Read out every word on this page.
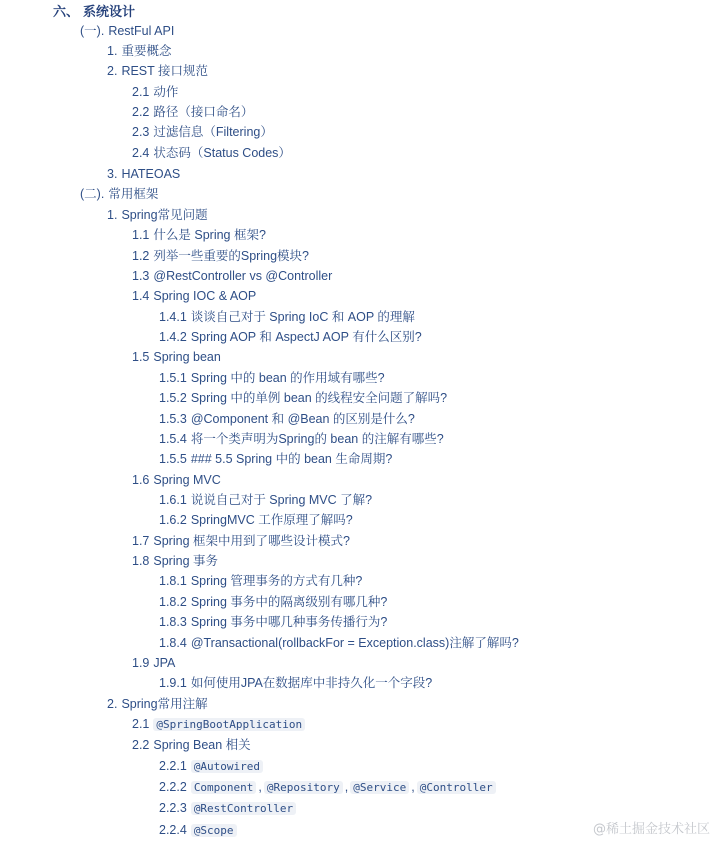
六、 系统设计
(一). RestFul API
1. 重要概念
2. REST 接口规范
2.1 动作
2.2 路径（接口命名）
2.3 过滤信息（Filtering）
2.4 状态码（Status Codes）
3. HATEOAS
(二). 常用框架
1. Spring常见问题
1.1 什么是 Spring 框架?
1.2 列举一些重要的Spring模块?
1.3 @RestController vs @Controller
1.4 Spring IOC & AOP
1.4.1 谈谈自己对于 Spring IoC 和 AOP 的理解
1.4.2 Spring AOP 和 AspectJ AOP 有什么区别?
1.5 Spring bean
1.5.1 Spring 中的 bean 的作用域有哪些?
1.5.2 Spring 中的单例 bean 的线程安全问题了解吗?
1.5.3 @Component 和 @Bean 的区别是什么?
1.5.4 将一个类声明为Spring的 bean 的注解有哪些?
1.5.5 ### 5.5 Spring 中的 bean 生命周期?
1.6 Spring MVC
1.6.1 说说自己对于 Spring MVC 了解?
1.6.2 SpringMVC 工作原理了解吗?
1.7 Spring 框架中用到了哪些设计模式?
1.8 Spring 事务
1.8.1 Spring 管理事务的方式有几种?
1.8.2 Spring 事务中的隔离级别有哪几种?
1.8.3 Spring 事务中哪几种事务传播行为?
1.8.4 @Transactional(rollbackFor = Exception.class)注解了解吗?
1.9 JPA
1.9.1 如何使用JPA在数据库中非持久化一个字段?
2. Spring常用注解
2.1 @SpringBootApplication
2.2 Spring Bean 相关
2.2.1 @Autowired
2.2.2 Component , @Repository , @Service , @Controller
2.2.3 @RestController
2.2.4 @Scope	@稀土掘金技术社区
